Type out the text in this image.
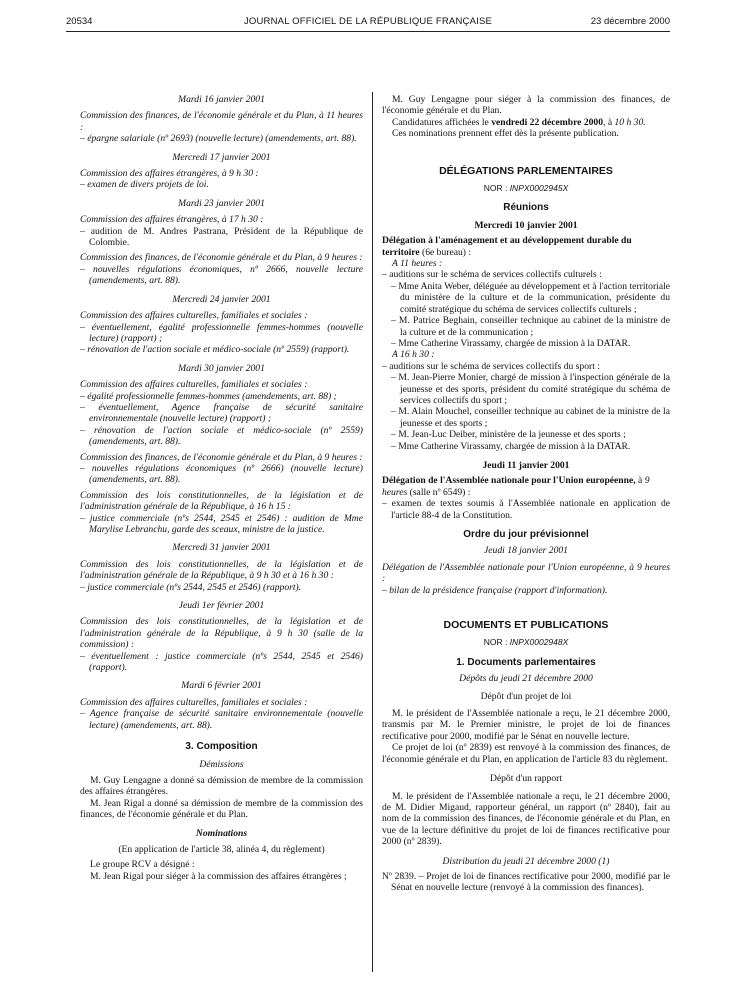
20534	JOURNAL OFFICIEL DE LA RÉPUBLIQUE FRANÇAISE	23 décembre 2000
Mardi 16 janvier 2001
Commission des finances, de l'économie générale et du Plan, à 11 heures :
– épargne salariale (nº 2693) (nouvelle lecture) (amendements, art. 88).
Mercredi 17 janvier 2001
Commission des affaires étrangères, à 9 h 30 :
– examen de divers projets de loi.
Mardi 23 janvier 2001
Commission des affaires étrangères, à 17 h 30 :
– audition de M. Andres Pastrana, Président de la République de Colombie.
Commission des finances, de l'économie générale et du Plan, à 9 heures :
– nouvelles régulations économiques, nº 2666, nouvelle lecture (amendements, art. 88).
Mercredi 24 janvier 2001
Commission des affaires culturelles, familiales et sociales :
– éventuellement, égalité professionnelle femmes-hommes (nouvelle lecture) (rapport) ;
– rénovation de l'action sociale et médico-sociale (nº 2559) (rapport).
Mardi 30 janvier 2001
Commission des affaires culturelles, familiales et sociales :
– égalité professionnelle femmes-hommes (amendements, art. 88) ;
– éventuellement, Agence française de sécurité sanitaire environnementale (nouvelle lecture) (rapport) ;
– rénovation de l'action sociale et médico-sociale (nº 2559) (amendements, art. 88).
Commission des finances, de l'économie générale et du Plan, à 9 heures :
– nouvelles régulations économiques (nº 2666) (nouvelle lecture) (amendements, art. 88).
Commission des lois constitutionnelles, de la législation et de l'administration générale de la République, à 16 h 15 :
– justice commerciale (nºs 2544, 2545 et 2546) : audition de Mme Marylise Lebranchu, garde des sceaux, ministre de la justice.
Mercredi 31 janvier 2001
Commission des lois constitutionnelles, de la législation et de l'administration générale de la République, à 9 h 30 et à 16 h 30 :
– justice commerciale (nºs 2544, 2545 et 2546) (rapport).
Jeudi 1er février 2001
Commission des lois constitutionnelles, de la législation et de l'administration générale de la République, à 9 h 30 (salle de la commission) :
– éventuellement : justice commerciale (nºs 2544, 2545 et 2546) (rapport).
Mardi 6 février 2001
Commission des affaires culturelles, familiales et sociales :
– Agence française de sécurité sanitaire environnementale (nouvelle lecture) (amendements, art. 88).
3. Composition
Démissions
M. Guy Lengagne a donné sa démission de membre de la commission des affaires étrangères.
M. Jean Rigal a donné sa démission de membre de la commission des finances, de l'économie générale et du Plan.
Nominations
(En application de l'article 38, alinéa 4, du règlement)
Le groupe RCV a désigné :
M. Jean Rigal pour siéger à la commission des affaires étrangères ;
M. Guy Lengagne pour siéger à la commission des finances, de l'économie générale et du Plan.
Candidatures affichées le vendredi 22 décembre 2000, à 10 h 30.
Ces nominations prennent effet dès la présente publication.
DÉLÉGATIONS PARLEMENTAIRES
NOR : INPX0002945X
Réunions
Mercredi 10 janvier 2001
Délégation à l'aménagement et au développement durable du territoire (6e bureau) :
A 11 heures :
– auditions sur le schéma de services collectifs culturels :
– Mme Anita Weber, déléguée au développement et à l'action territoriale du ministère de la culture et de la communication, présidente du comité stratégique du schéma de services collectifs culturels ;
– M. Patrice Beghain, conseiller technique au cabinet de la ministre de la culture et de la communication ;
– Mme Catherine Virassamy, chargée de mission à la DATAR.
A 16 h 30 :
– auditions sur le schéma de services collectifs du sport :
– M. Jean-Pierre Monier, chargé de mission à l'inspection générale de la jeunesse et des sports, président du comité stratégique du schéma de services collectifs du sport ;
– M. Alain Mouchel, conseiller technique au cabinet de la ministre de la jeunesse et des sports ;
– M. Jean-Luc Deiber, ministère de la jeunesse et des sports ;
– Mme Catherine Virassamy, chargée de mission à la DATAR.
Jeudi 11 janvier 2001
Délégation de l'Assemblée nationale pour l'Union européenne, à 9 heures (salle nº 6549) :
– examen de textes soumis à l'Assemblée nationale en application de l'article 88-4 de la Constitution.
Ordre du jour prévisionnel
Jeudi 18 janvier 2001
Délégation de l'Assemblée nationale pour l'Union européenne, à 9 heures :
– bilan de la présidence française (rapport d'information).
DOCUMENTS ET PUBLICATIONS
NOR : INPX0002948X
1. Documents parlementaires
Dépôts du jeudi 21 décembre 2000
Dépôt d'un projet de loi
M. le président de l'Assemblée nationale a reçu, le 21 décembre 2000, transmis par M. le Premier ministre, le projet de loi de finances rectificative pour 2000, modifié par le Sénat en nouvelle lecture.
Ce projet de loi (nº 2839) est renvoyé à la commission des finances, de l'économie générale et du Plan, en application de l'article 83 du règlement.
Dépôt d'un rapport
M. le président de l'Assemblée nationale a reçu, le 21 décembre 2000, de M. Didier Migaud, rapporteur général, un rapport (nº 2840), fait au nom de la commission des finances, de l'économie générale et du Plan, en vue de la lecture définitive du projet de loi de finances rectificative pour 2000 (nº 2839).
Distribution du jeudi 21 décembre 2000 (1)
Nº 2839. – Projet de loi de finances rectificative pour 2000, modifié par le Sénat en nouvelle lecture (renvoyé à la commission des finances).
